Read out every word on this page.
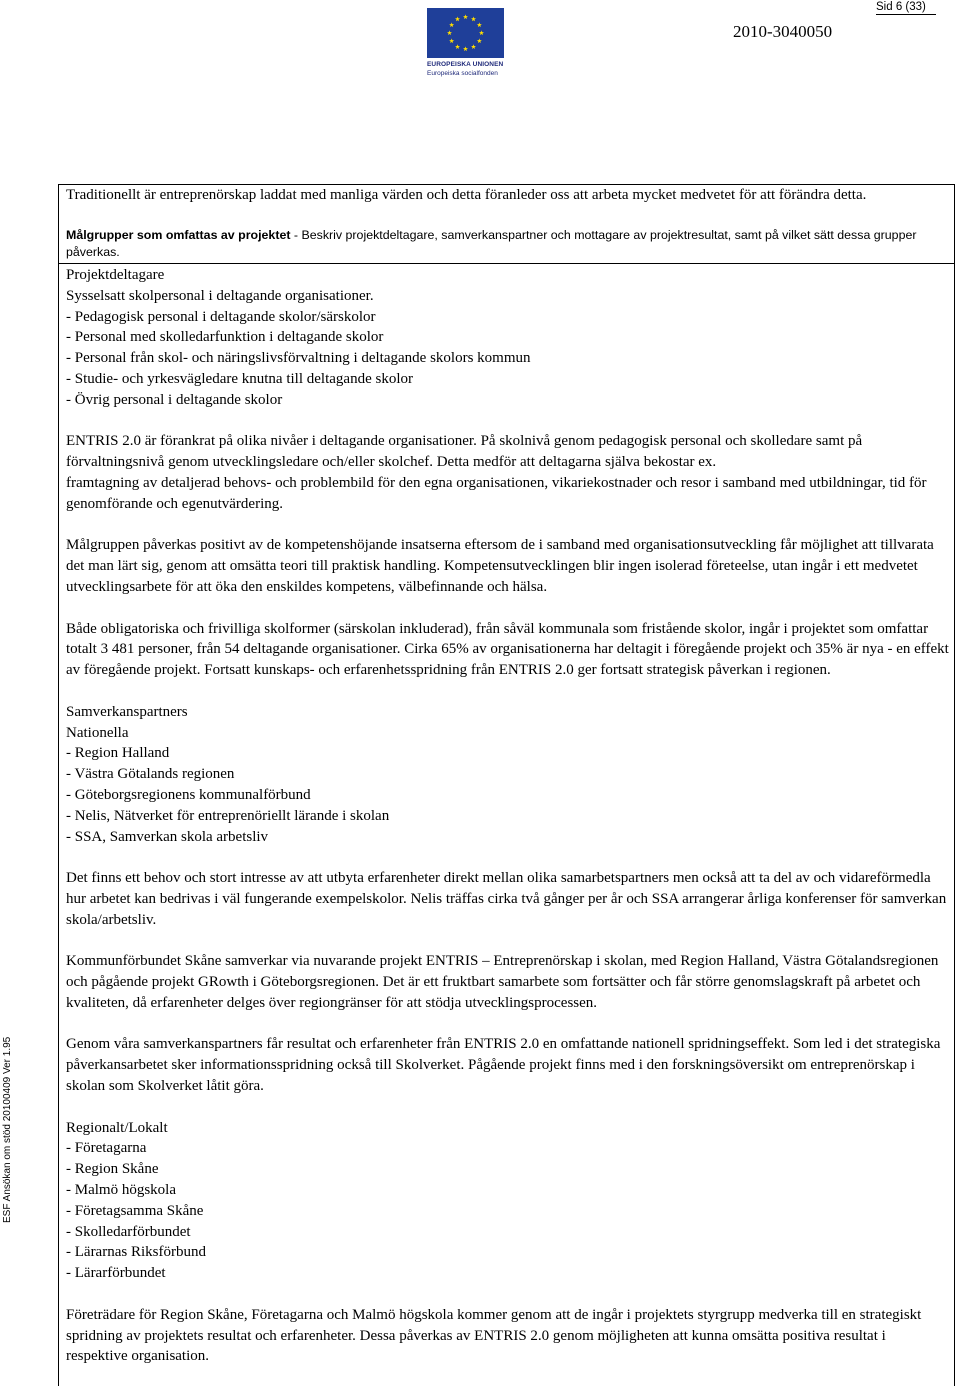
Sid 6 (33)
EUROPEISKA UNIONEN
Europeiska socialfonden
2010-3040050
ESF Ansökan om stöd 20100409 Ver 1.95
Traditionellt är entreprenörskap laddat med manliga värden och detta föranleder oss att arbeta mycket medvetet för att förändra detta.
Målgrupper som omfattas av projektet - Beskriv projektdeltagare, samverkanspartner och mottagare av projektresultat, samt på vilket sätt dessa grupper påverkas.

Projektdeltagare

Sysselsatt skolpersonal i deltagande organisationer.

- Pedagogisk personal i deltagande skolor/särskolor

- Personal med skolledarfunktion i deltagande skolor

- Personal från skol- och näringslivsförvaltning i deltagande skolors kommun

- Studie- och yrkesvägledare knutna till deltagande skolor

- Övrig personal i deltagande skolor

ENTRIS 2.0 är förankrat på olika nivåer i deltagande organisationer. På skolnivå genom pedagogisk personal och skolledare samt på förvaltningsnivå genom utvecklingsledare och/eller skolchef. Detta medför att deltagarna själva bekostar ex.

framtagning av detaljerad behovs- och problembild för den egna organisationen, vikariekostnader och resor i samband med utbildningar, tid för genomförande och egenutvärdering.

Målgruppen påverkas positivt av de kompetenshöjande insatserna eftersom de i samband med organisationsutveckling får möjlighet att tillvarata det man lärt sig, genom att omsätta teori till praktisk handling. Kompetensutvecklingen blir ingen isolerad företeelse, utan ingår i ett medvetet utvecklingsarbete för att öka den enskildes kompetens, välbefinnande och hälsa.

Både obligatoriska och frivilliga skolformer (särskolan inkluderad), från såväl kommunala som fristående skolor, ingår i projektet som omfattar totalt 3 481 personer, från 54 deltagande organisationer. Cirka 65% av organisationerna har deltagit i föregående projekt och 35% är nya - en effekt av föregående projekt. Fortsatt kunskaps- och erfarenhetsspridning från ENTRIS 2.0 ger fortsatt strategisk påverkan i regionen.

Samverkanspartners

Nationella

- Region Halland

- Västra Götalands regionen

- Göteborgsregionens kommunalförbund

- Nelis, Nätverket för entreprenöriellt lärande i skolan

- SSA, Samverkan skola arbetsliv

Det finns ett behov och stort intresse av att utbyta erfarenheter direkt mellan olika samarbetspartners men också att ta del av och vidareförmedla hur arbetet kan bedrivas i väl fungerande exempelskolor. Nelis träffas cirka två gånger per år och SSA arrangerar årliga konferenser för samverkan skola/arbetsliv.

Kommunförbundet Skåne samverkar via nuvarande projekt ENTRIS – Entreprenörskap i skolan, med Region Halland, Västra Götalandsregionen och pågående projekt GRowth i Göteborgsregionen. Det är ett fruktbart samarbete som fortsätter och får större genomslagskraft på arbetet och kvaliteten, då erfarenheter delges över regiongränser för att stödja utvecklingsprocessen.

Genom våra samverkanspartners får resultat och erfarenheter från ENTRIS 2.0 en omfattande nationell spridningseffekt. Som led i det strategiska påverkansarbetet sker informationsspridning också till Skolverket. Pågående projekt finns med i den forskningsöversikt om entreprenörskap i skolan som Skolverket låtit göra.

Regionalt/Lokalt

- Företagarna

- Region Skåne

- Malmö högskola

- Företagsamma Skåne

- Skolledarförbundet

- Lärarnas Riksförbund

- Lärarförbundet

Företrädare för Region Skåne, Företagarna och Malmö högskola kommer genom att de ingår i projektets styrgrupp medverka till en strategiskt spridning av projektets resultat och erfarenheter. Dessa påverkas av ENTRIS 2.0 genom möjligheten att kunna omsätta positiva resultat i respektive organisation.
